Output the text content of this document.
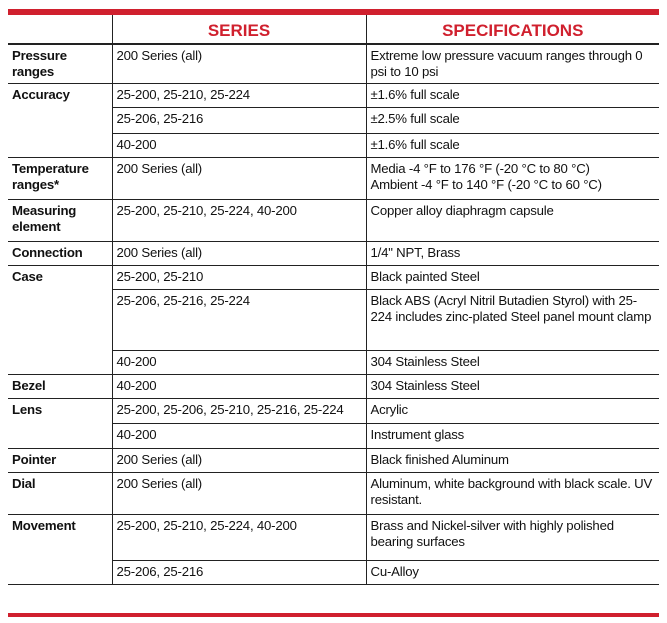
	SERIES	SPECIFICATIONS
Pressure ranges	200 Series (all)	Extreme low pressure vacuum ranges through 0 psi to 10 psi
Accuracy	25-200, 25-210, 25-224	±1.6% full scale
	25-206, 25-216	±2.5% full scale
	40-200	±1.6% full scale
Temperature ranges*	200 Series (all)	Media -4 °F to 176 °F (-20 °C to 80 °C)
Ambient -4 °F to 140 °F (-20 °C to 60 °C)

Measuring element	25-200, 25-210, 25-224, 40-200	Copper alloy diaphragm capsule
Connection	200 Series (all)	1/4" NPT, Brass
Case	25-200, 25-210	Black painted Steel
	25-206, 25-216, 25-224	Black ABS (Acryl Nitril Butadien Styrol) with 25-224 includes zinc-plated Steel panel mount clamp
	40-200	304 Stainless Steel
Bezel	40-200	304 Stainless Steel
Lens	25-200, 25-206, 25-210, 25-216, 25-224	Acrylic
	40-200	Instrument glass
Pointer	200 Series (all)	Black finished Aluminum
Dial	200 Series (all)	Aluminum, white background with black scale. UV resistant.
Movement	25-200, 25-210, 25-224, 40-200	Brass and Nickel-silver with highly polished bearing surfaces
	25-206, 25-216	Cu-Alloy
